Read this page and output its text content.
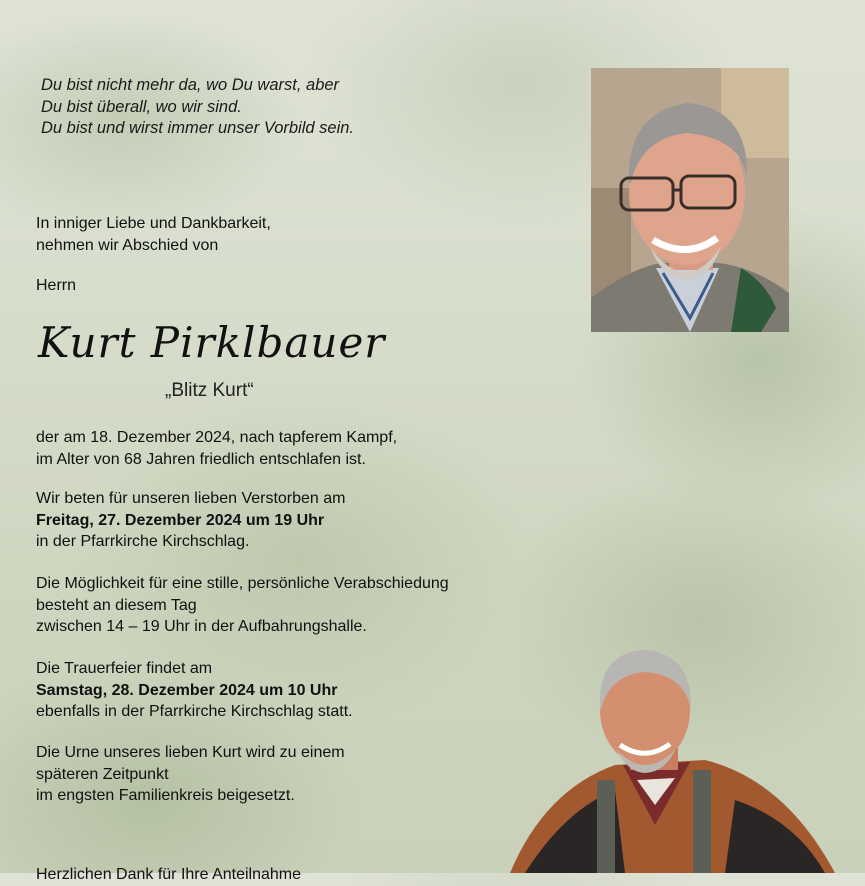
Du bist nicht mehr da, wo Du warst, aber
Du bist überall, wo wir sind.
Du bist und wirst immer unser Vorbild sein.
In inniger Liebe und Dankbarkeit,
nehmen wir Abschied von
Herrn
Kurt Pirklbauer
„Blitz Kurt“
der am 18. Dezember 2024, nach tapferem Kampf,
im Alter von 68 Jahren friedlich entschlafen ist.
Wir beten für unseren lieben Verstorben am
Freitag, 27. Dezember 2024 um 19 Uhr
in der Pfarrkirche Kirchschlag.
Die Möglichkeit für eine stille, persönliche Verabschiedung
besteht an diesem Tag
zwischen 14 – 19 Uhr in der Aufbahrungshalle.
Die Trauerfeier findet am
Samstag, 28. Dezember 2024 um 10 Uhr
ebenfalls in der Pfarrkirche Kirchschlag statt.
Die Urne unseres lieben Kurt wird zu einem
späteren Zeitpunkt
im engsten Familienkreis beigesetzt.
Herzlichen Dank für Ihre Anteilnahme
